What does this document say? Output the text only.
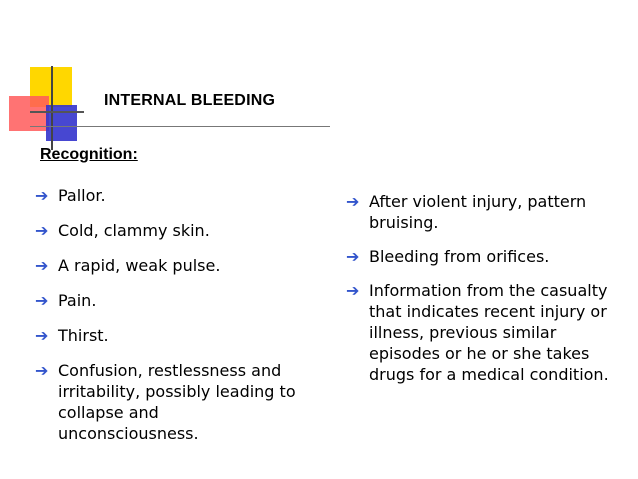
INTERNAL BLEEDING
Recognition:
➔ Pallor.
➔ Cold, clammy skin.
➔ A rapid, weak pulse.
➔ Pain.
➔ Thirst.
➔ Confusion, restlessness and irritability, possibly leading to collapse and unconsciousness.
➔ After violent injury, pattern bruising.
➔ Bleeding from orifices.
➔ Information from the casualty that indicates recent injury or illness, previous similar episodes or he or she takes drugs for a medical condition.
